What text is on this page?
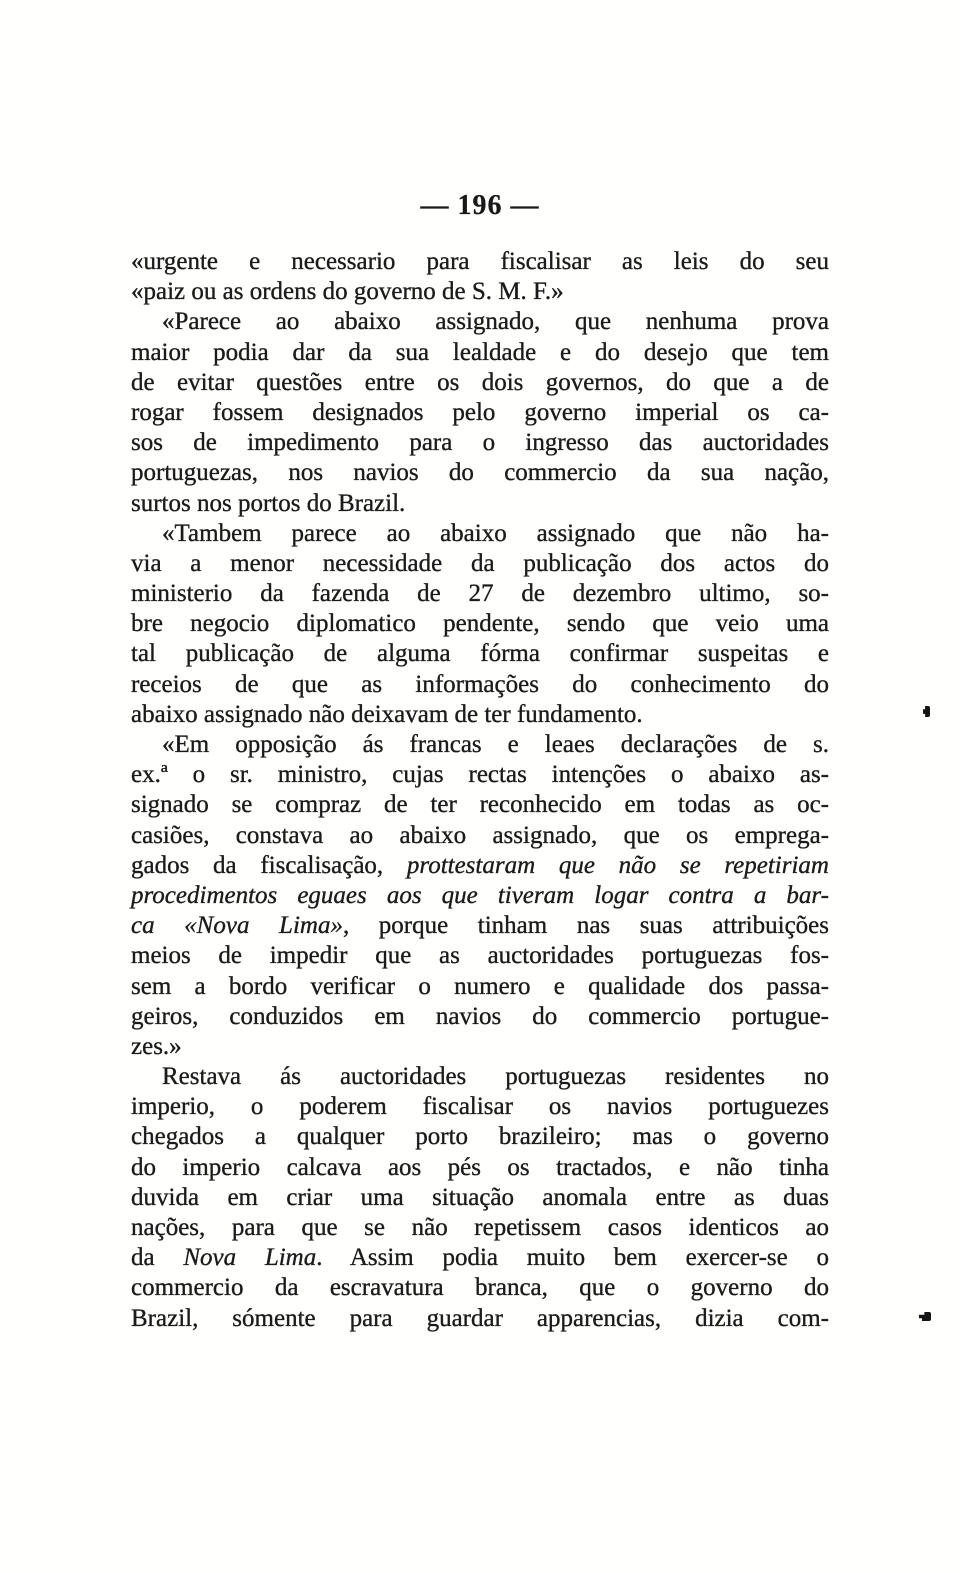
— 196 —
«urgente e necessario para fiscalisar as leis do seu
«paiz ou as ordens do governo de S. M. F.»
«Parece ao abaixo assignado, que nenhuma prova
maior podia dar da sua lealdade e do desejo que tem
de evitar questões entre os dois governos, do que a de
rogar fossem designados pelo governo imperial os ca-
sos de impedimento para o ingresso das auctoridades
portuguezas, nos navios do commercio da sua nação,
surtos nos portos do Brazil.
«Tambem parece ao abaixo assignado que não ha-
via a menor necessidade da publicação dos actos do
ministerio da fazenda de 27 de dezembro ultimo, so-
bre negocio diplomatico pendente, sendo que veio uma
tal publicação de alguma fórma confirmar suspeitas e
receios de que as informações do conhecimento do
abaixo assignado não deixavam de ter fundamento.
«Em opposição ás francas e leaes declarações de s.
ex.ª o sr. ministro, cujas rectas intenções o abaixo as-
signado se compraz de ter reconhecido em todas as oc-
casiões, constava ao abaixo assignado, que os emprega-
gados da fiscalisação, prottestaram que não se repetiriam
procedimentos eguaes aos que tiveram logar contra a bar-
ca «Nova Lima», porque tinham nas suas attribuições
meios de impedir que as auctoridades portuguezas fos-
sem a bordo verificar o numero e qualidade dos passa-
geiros, conduzidos em navios do commercio portugue-
zes.»
Restava ás auctoridades portuguezas residentes no
imperio, o poderem fiscalisar os navios portuguezes
chegados a qualquer porto brazileiro; mas o governo
do imperio calcava aos pés os tractados, e não tinha
duvida em criar uma situação anomala entre as duas
nações, para que se não repetissem casos identicos ao
da Nova Lima. Assim podia muito bem exercer-se o
commercio da escravatura branca, que o governo do
Brazil, sómente para guardar apparencias, dizia com-
